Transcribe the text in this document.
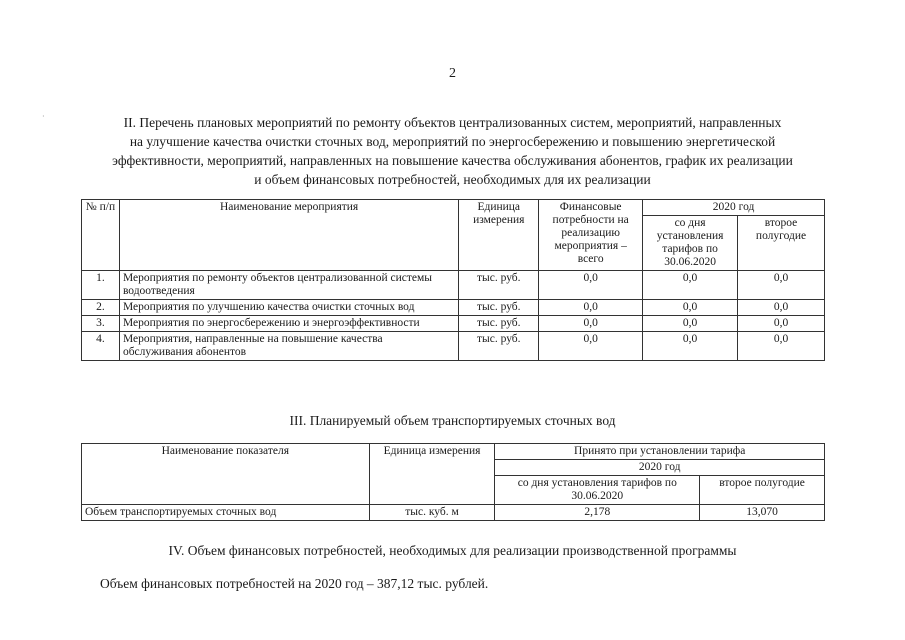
·
2
II. Перечень плановых мероприятий по ремонту объектов централизованных систем, мероприятий, направленных
на улучшение качества очистки сточных вод, мероприятий по энергосбережению и повышению энергетической
эффективности, мероприятий, направленных на повышение качества обслуживания абонентов, график их реализации
и объем финансовых потребностей, необходимых для их реализации
№ п/п	Наименование мероприятия	Единица измерения	Финансовые потребности на реализацию мероприятия – всего	2020 год	
				со дня установления тарифов по 30.06.2020	второе полугодие
1.	Мероприятия по ремонту объектов централизованной системы водоотведения	тыс. руб.	0,0	0,0	0,0
2.	Мероприятия по улучшению качества очистки сточных вод	тыс. руб.	0,0	0,0	0,0
3.	Мероприятия по энергосбережению и энергоэффективности	тыс. руб.	0,0	0,0	0,0
4.	Мероприятия, направленные на повышение качества обслуживания абонентов	тыс. руб.	0,0	0,0	0,0
III. Планируемый объем транспортируемых сточных вод
Наименование показателя	Единица измерения	Принято при установлении тарифа	
		2020 год	
		со дня установления тарифов по 30.06.2020	второе полугодие
Объем транспортируемых сточных вод	тыс. куб. м	2,178	13,070
IV. Объем финансовых потребностей, необходимых для реализации производственной программы
Объем финансовых потребностей на 2020 год – 387,12 тыс. рублей.
